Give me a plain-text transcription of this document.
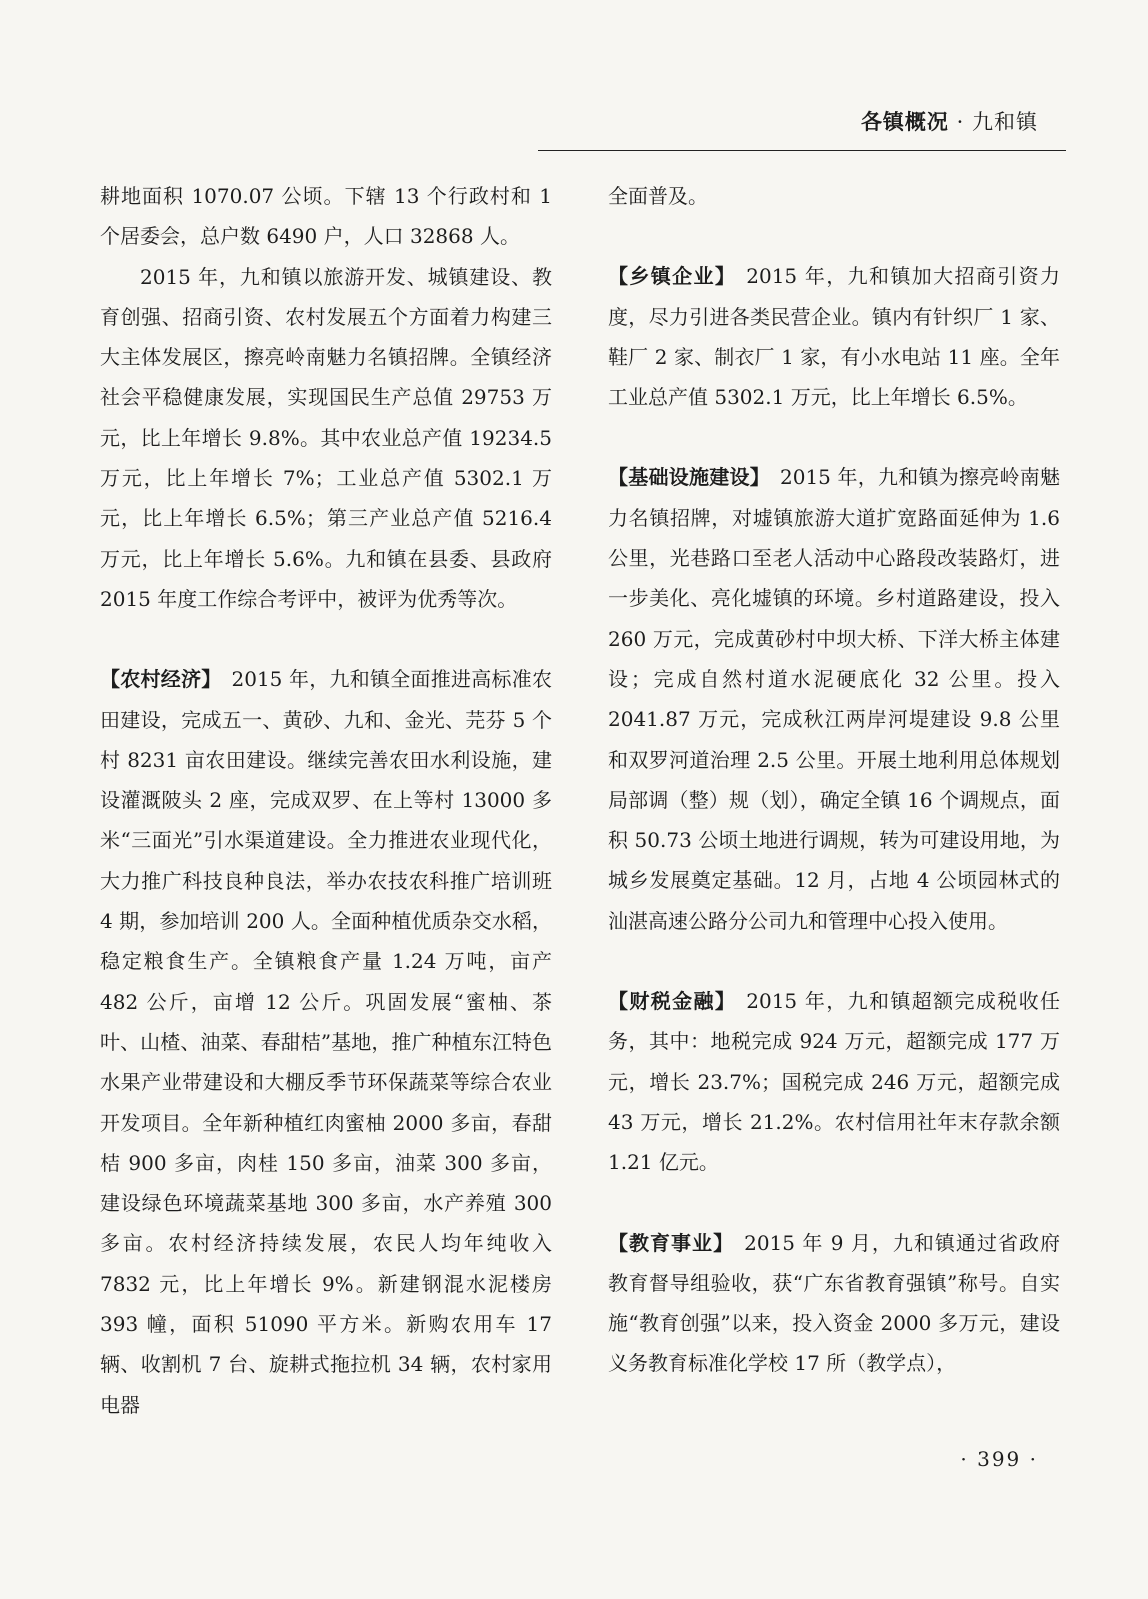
各镇概况 · 九和镇

耕地面积 1070.07 公顷。下辖 13 个行政村和 1 个居委会，总户数 6490 户，人口 32868 人。

2015 年，九和镇以旅游开发、城镇建设、教育创强、招商引资、农村发展五个方面着力构建三大主体发展区，擦亮岭南魅力名镇招牌。全镇经济社会平稳健康发展，实现国民生产总值 29753 万元，比上年增长 9.8%。其中农业总产值 19234.5 万元，比上年增长 7%；工业总产值 5302.1 万元，比上年增长 6.5%；第三产业总产值 5216.4 万元，比上年增长 5.6%。九和镇在县委、县政府 2015 年度工作综合考评中，被评为优秀等次。

【农村经济】 2015 年，九和镇全面推进高标准农田建设，完成五一、黄砂、九和、金光、芫芬 5 个村 8231 亩农田建设。继续完善农田水利设施，建设灌溉陂头 2 座，完成双罗、在上等村 13000 多米“三面光”引水渠道建设。全力推进农业现代化，大力推广科技良种良法，举办农技农科推广培训班 4 期，参加培训 200 人。全面种植优质杂交水稻，稳定粮食生产。全镇粮食产量 1.24 万吨，亩产 482 公斤，亩增 12 公斤。巩固发展“蜜柚、茶叶、山楂、油菜、春甜桔”基地，推广种植东江特色水果产业带建设和大棚反季节环保蔬菜等综合农业开发项目。全年新种植红肉蜜柚 2000 多亩，春甜桔 900 多亩，肉桂 150 多亩，油菜 300 多亩，建设绿色环境蔬菜基地 300 多亩，水产养殖 300 多亩。农村经济持续发展，农民人均年纯收入 7832 元，比上年增长 9%。新建钢混水泥楼房 393 幢，面积 51090 平方米。新购农用车 17 辆、收割机 7 台、旋耕式拖拉机 34 辆，农村家用电器

全面普及。

【乡镇企业】 2015 年，九和镇加大招商引资力度，尽力引进各类民营企业。镇内有针织厂 1 家、鞋厂 2 家、制衣厂 1 家，有小水电站 11 座。全年工业总产值 5302.1 万元，比上年增长 6.5%。

【基础设施建设】 2015 年，九和镇为擦亮岭南魅力名镇招牌，对墟镇旅游大道扩宽路面延伸为 1.6 公里，光巷路口至老人活动中心路段改装路灯，进一步美化、亮化墟镇的环境。乡村道路建设，投入 260 万元，完成黄砂村中坝大桥、下洋大桥主体建设；完成自然村道水泥硬底化 32 公里。投入 2041.87 万元，完成秋江两岸河堤建设 9.8 公里和双罗河道治理 2.5 公里。开展土地利用总体规划局部调（整）规（划），确定全镇 16 个调规点，面积 50.73 公顷土地进行调规，转为可建设用地，为城乡发展奠定基础。12 月，占地 4 公顷园林式的汕湛高速公路分公司九和管理中心投入使用。

【财税金融】 2015 年，九和镇超额完成税收任务，其中：地税完成 924 万元，超额完成 177 万元，增长 23.7%；国税完成 246 万元，超额完成 43 万元，增长 21.2%。农村信用社年末存款余额 1.21 亿元。

【教育事业】 2015 年 9 月，九和镇通过省政府教育督导组验收，获“广东省教育强镇”称号。自实施“教育创强”以来，投入资金 2000 多万元，建设义务教育标准化学校 17 所（教学点），

· 399 ·
